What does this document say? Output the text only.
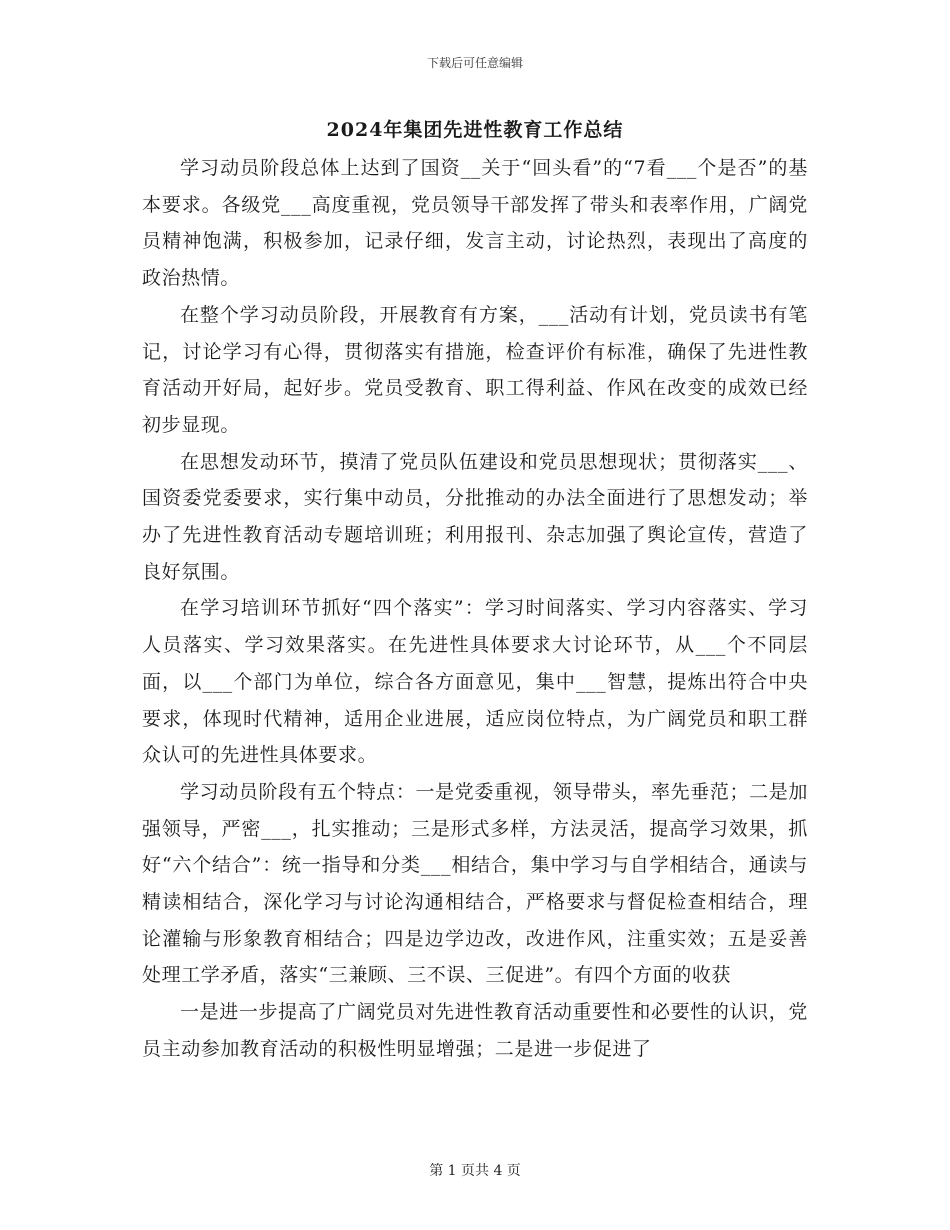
下载后可任意编辑
2024年集团先进性教育工作总结

学习动员阶段总体上达到了国资__关于“回头看”的“7看___个是否”的基本要求。各级党___高度重视，党员领导干部发挥了带头和表率作用，广阔党员精神饱满，积极参加，记录仔细，发言主动，讨论热烈，表现出了高度的政治热情。

在整个学习动员阶段，开展教育有方案，___活动有计划，党员读书有笔记，讨论学习有心得，贯彻落实有措施，检查评价有标准，确保了先进性教育活动开好局，起好步。党员受教育、职工得利益、作风在改变的成效已经初步显现。

在思想发动环节，摸清了党员队伍建设和党员思想现状；贯彻落实___、国资委党委要求，实行集中动员，分批推动的办法全面进行了思想发动；举办了先进性教育活动专题培训班；利用报刊、杂志加强了舆论宣传，营造了良好氛围。

在学习培训环节抓好“四个落实”：学习时间落实、学习内容落实、学习人员落实、学习效果落实。在先进性具体要求大讨论环节，从___个不同层面，以___个部门为单位，综合各方面意见，集中___智慧，提炼出符合中央要求，体现时代精神，适用企业进展，适应岗位特点，为广阔党员和职工群众认可的先进性具体要求。

学习动员阶段有五个特点：一是党委重视，领导带头，率先垂范；二是加强领导，严密___，扎实推动；三是形式多样，方法灵活，提高学习效果，抓好“六个结合”：统一指导和分类___相结合，集中学习与自学相结合，通读与精读相结合，深化学习与讨论沟通相结合，严格要求与督促检查相结合，理论灌输与形象教育相结合；四是边学边改，改进作风，注重实效；五是妥善处理工学矛盾，落实“三兼顾、三不误、三促进”。有四个方面的收获

一是进一步提高了广阔党员对先进性教育活动重要性和必要性的认识，党员主动参加教育活动的积极性明显增强；二是进一步促进了

第 1 页共 4 页
